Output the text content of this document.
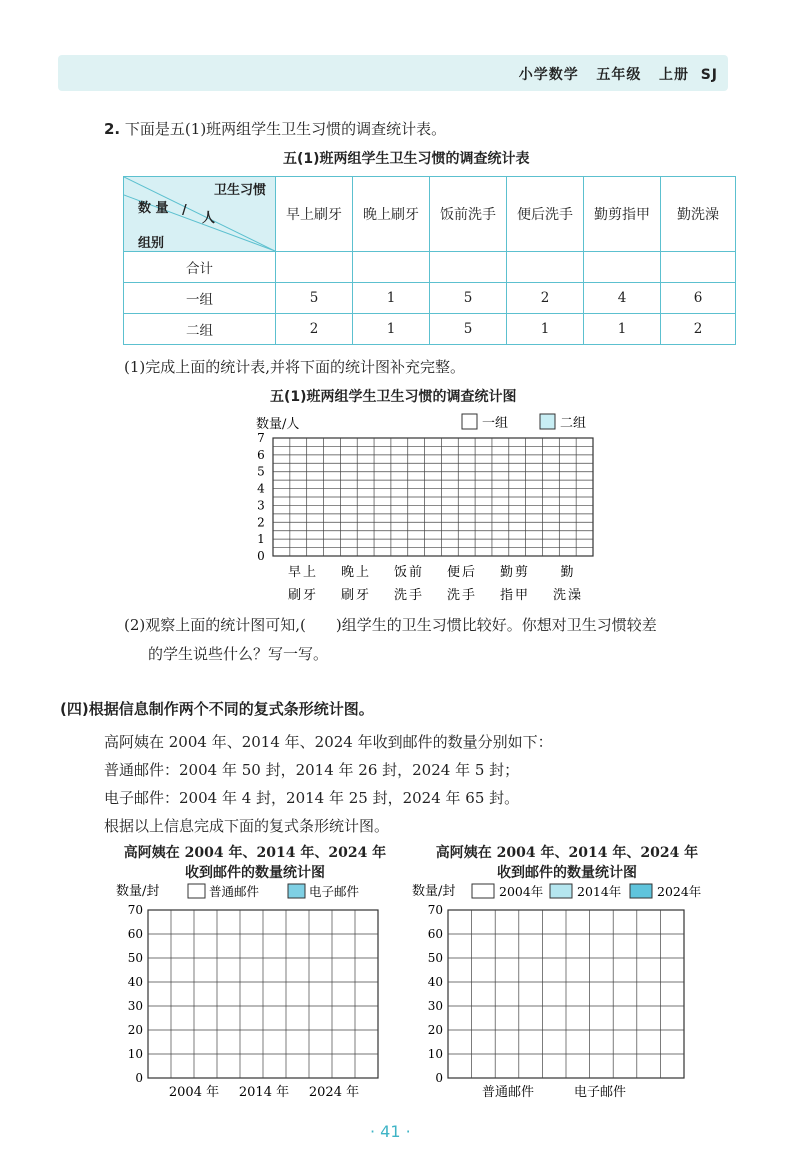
小学数学 五年级 上册 SJ
2. 下面是五(1)班两组学生卫生习惯的调查统计表。
五(1)班两组学生卫生习惯的调查统计表
卫生习惯
数 量 /
人
组别	早上刷牙	晚上刷牙	饭前洗手	便后洗手	勤剪指甲	勤洗澡
合计						
一组	5	1	5	2	4	6
二组	2	1	5	1	1	2
(1)完成上面的统计表,并将下面的统计图补充完整。
五(1)班两组学生卫生习惯的调查统计图
数量/人	一组	二组
0
1
2
3
4
5
6
7
早上
刷牙
晚上
刷牙
饭前
洗手
便后
洗手
勤剪
指甲
勤
洗澡
(2)观察上面的统计图可知,(　　)组学生的卫生习惯比较好。你想对卫生习惯较差
的学生说些什么？写一写。
(四)根据信息制作两个不同的复式条形统计图。
高阿姨在 2004 年、2014 年、2024 年收到邮件的数量分别如下：
普通邮件：2004 年 50 封，2014 年 26 封，2024 年 5 封；
电子邮件：2004 年 4 封，2014 年 25 封，2024 年 65 封。
根据以上信息完成下面的复式条形统计图。
高阿姨在 2004 年、2014 年、2024 年
收到邮件的数量统计图
数量/封	普通邮件	电子邮件
0
10
20
30
40
50
60
70
2004 年 2014 年 2024 年
高阿姨在 2004 年、2014 年、2024 年
收到邮件的数量统计图
数量/封	2004年	2014年	2024年
0
10
20
30
40
50
60
70
普通邮件	电子邮件
· 41 ·
